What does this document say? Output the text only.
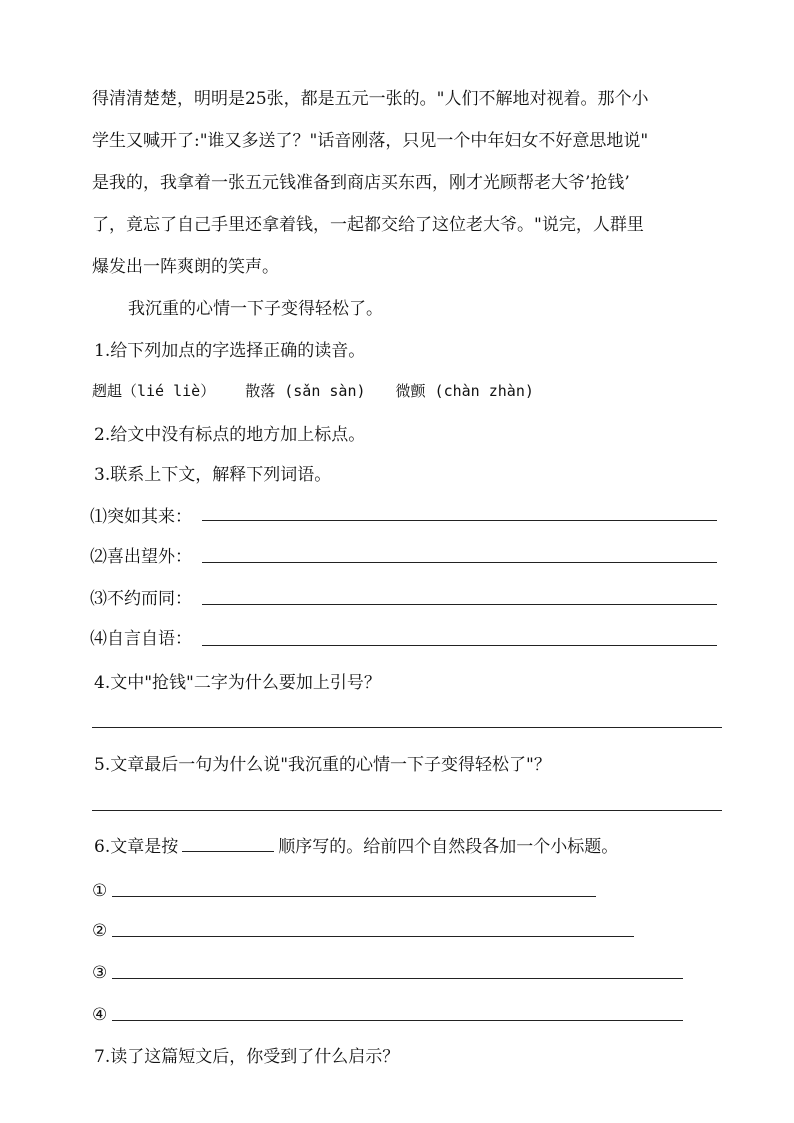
得清清楚楚，明明是25张，都是五元一张的。"人们不解地对视着。那个小
学生又喊开了:"谁又多送了？"话音刚落，只见一个中年妇女不好意思地说"
是我的，我拿着一张五元钱准备到商店买东西，刚才光顾帮老大爷’抢钱’
了，竟忘了自己手里还拿着钱，一起都交给了这位老大爷。"说完，人群里
爆发出一阵爽朗的笑声。
我沉重的心情一下子变得轻松了。
1.给下列加点的字选择正确的读音。
趔趄（lié liè） 散落 (sǎn sàn) 微颤 (chàn zhàn)
2.给文中没有标点的地方加上标点。
3.联系上下文，解释下列词语。
⑴突如其来：
⑵喜出望外：
⑶不约而同：
⑷自言自语：
4.文中"抢钱"二字为什么要加上引号？
5.文章最后一句为什么说"我沉重的心情一下子变得轻松了"？
6.文章是按	顺序写的。给前四个自然段各加一个小标题。
①
②
③
④
7.读了这篇短文后，你受到了什么启示？
